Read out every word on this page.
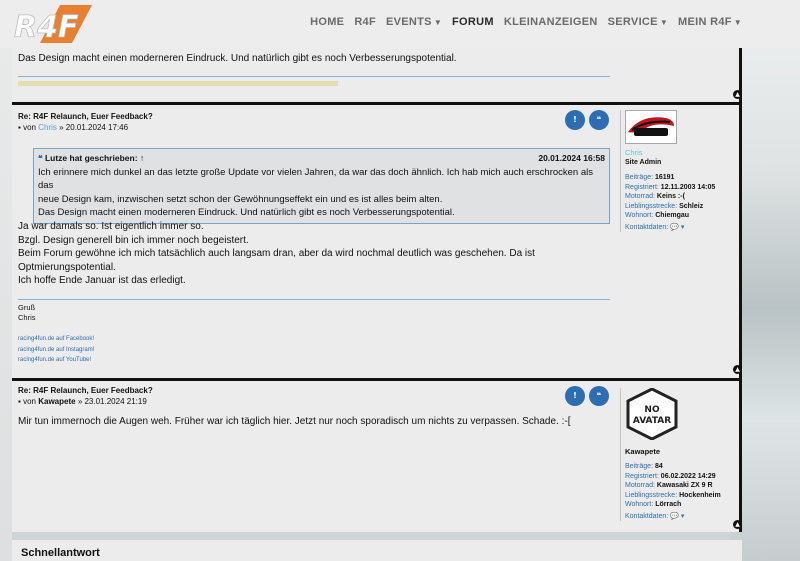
R4F	HOME R4F EVENTS ▼ FORUM KLEINANZEIGEN SERVICE ▼ MEIN R4F ▼
Das Design macht einen moderneren Eindruck. Und natürlich gibt es noch Verbesserungspotential.
▲
Re: R4F Relaunch, Euer Feedback?
▪ von Chris » 20.01.2024 17:46
!	❝
❝ Lutze hat geschrieben: ↑	20.01.2024 16:58
Ich erinnere mich dunkel an das letzte große Update vor vielen Jahren, da war das doch ähnlich. Ich hab mich auch erschrocken als das
neue Design kam, inzwischen setzt schon der Gewöhnungseffekt ein und es ist alles beim alten.
Das Design macht einen moderneren Eindruck. Und natürlich gibt es noch Verbesserungspotential.
Ja war damals so. Ist eigentlich immer so.
Bzgl. Design generell bin ich immer noch begeistert.
Beim Forum gewöhne ich mich tatsächlich auch langsam dran, aber da wird nochmal deutlich was geschehen. Da ist
Optmierungspotential.
Ich hoffe Ende Januar ist das erledigt.
Gruß
Chris
racing4fun.de auf Facebook!
racing4fun.de auf Instagram!
racing4fun.de auf YouTube!
Chris
Site Admin
Beiträge: 16191
Registriert: 12.11.2003 14:05
Motorrad: Keins :-(
Lieblingsstrecke: Schleiz
Wohnort: Chiemgau
Kontaktdaten: 💬 ▾
▲
Re: R4F Relaunch, Euer Feedback?
▪ von Kawapete » 23.01.2024 21:19
!	❝
Mir tun immernoch die Augen weh. Früher war ich täglich hier. Jetzt nur noch sporadisch um nichts zu verpassen. Schade. :-[
NO
AVATAR
Kawapete
Beiträge: 84
Registriert: 06.02.2022 14:29
Motorrad: Kawasaki ZX 9 R
Lieblingsstrecke: Hockenheim
Wohnort: Lörrach
Kontaktdaten: 💬 ▾
▲
Schnellantwort
